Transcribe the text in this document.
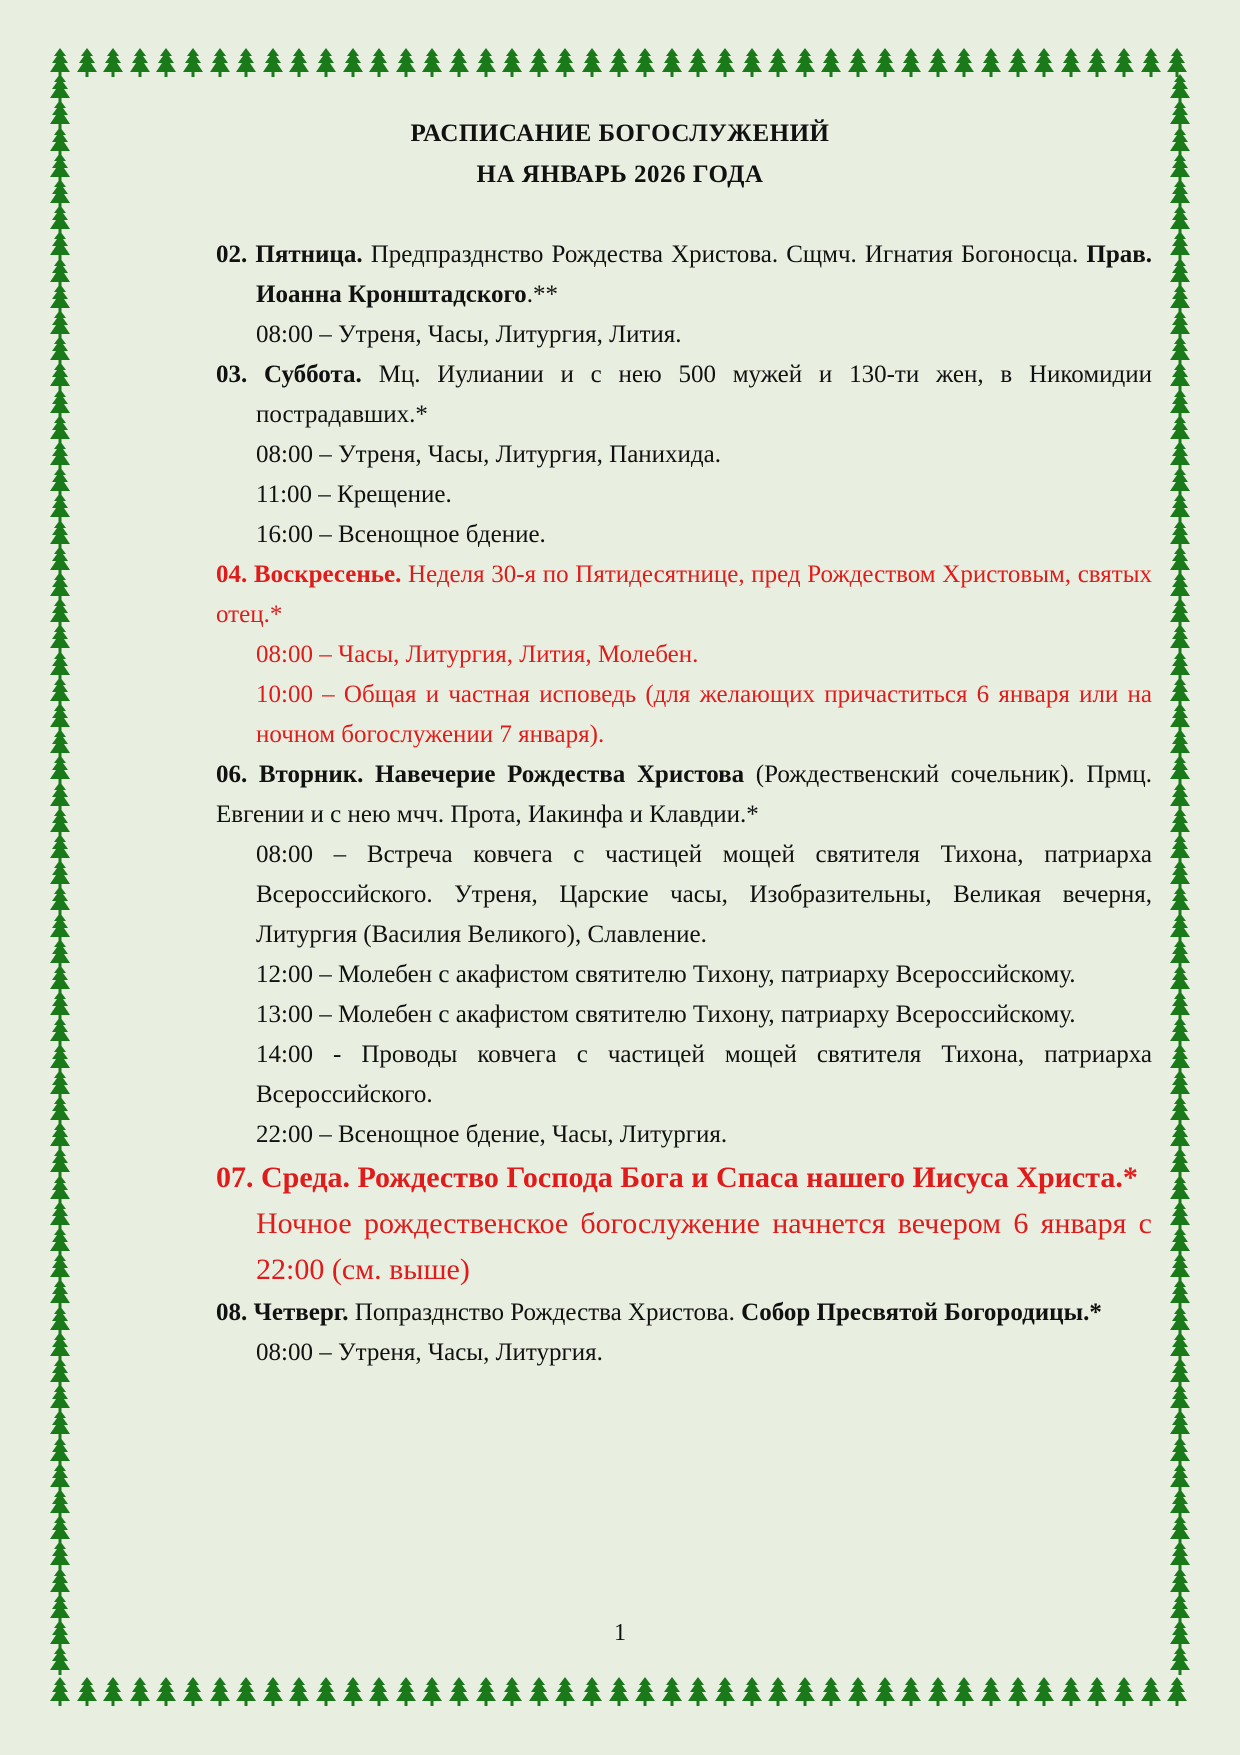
РАСПИСАНИЕ БОГОСЛУЖЕНИЙ
НА ЯНВАРЬ 2026 ГОДА

02. Пятница. Предпразднство Рождества Христова. Сщмч. Игнатия Богоносца. Прав. Иоанна Кронштадского.**

08:00 – Утреня, Часы, Литургия, Лития.

03. Суббота. Мц. Иулиании и с нею 500 мужей и 130-ти жен, в Никомидии пострадавших.*

08:00 – Утреня, Часы, Литургия, Панихида.

11:00 – Крещение.

16:00 – Всенощное бдение.

04. Воскресенье. Неделя 30-я по Пятидесятнице, пред Рождеством Христовым, святых отец.*

08:00 – Часы, Литургия, Лития, Молебен.

10:00 – Общая и частная исповедь (для желающих причаститься 6 января или на ночном богослужении 7 января).

06. Вторник. Навечерие Рождества Христова (Рождественский сочельник). Прмц. Евгении и с нею мчч. Прота, Иакинфа и Клавдии.*

08:00 – Встреча ковчега с частицей мощей святителя Тихона, патриарха Всероссийского. Утреня, Царские часы, Изобразительны, Великая вечерня, Литургия (Василия Великого), Славление.

12:00 – Молебен с акафистом святителю Тихону, патриарху Всероссийскому.

13:00 – Молебен с акафистом святителю Тихону, патриарху Всероссийскому.

14:00 - Проводы ковчега с частицей мощей святителя Тихона, патриарха Всероссийского.

22:00 – Всенощное бдение, Часы, Литургия.

07. Среда. Рождество Господа Бога и Спаса нашего Иисуса Христа.*

Ночное рождественское богослужение начнется вечером 6 января с 22:00 (см. выше)

08. Четверг. Попразднство Рождества Христова. Собор Пресвятой Богородицы.*

08:00 – Утреня, Часы, Литургия.

1
